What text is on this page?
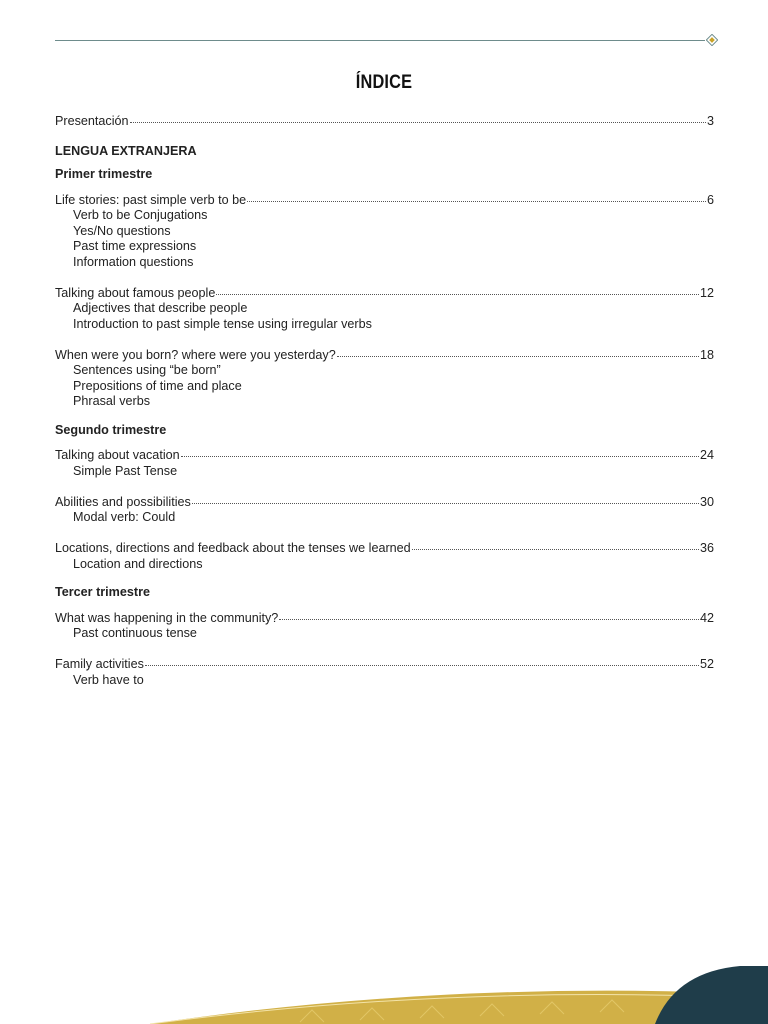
ÍNDICE
Presentación	3
LENGUA EXTRANJERA
Primer trimestre
Life stories: past simple verb to be	6
Verb to be Conjugations
Yes/No questions
Past time expressions
Information questions
Talking about famous people	12
Adjectives that describe people
Introduction to past simple tense using irregular verbs
When were you born? where were you yesterday?	18
Sentences using “be born”
Prepositions of time and place
Phrasal verbs
Segundo trimestre
Talking about vacation	24
Simple Past Tense
Abilities and possibilities	30
Modal verb: Could
Locations, directions and feedback about the tenses we learned	36
Location and directions
Tercer trimestre
What was happening in the community?	42
Past continuous tense
Family activities	52
Verb have to
